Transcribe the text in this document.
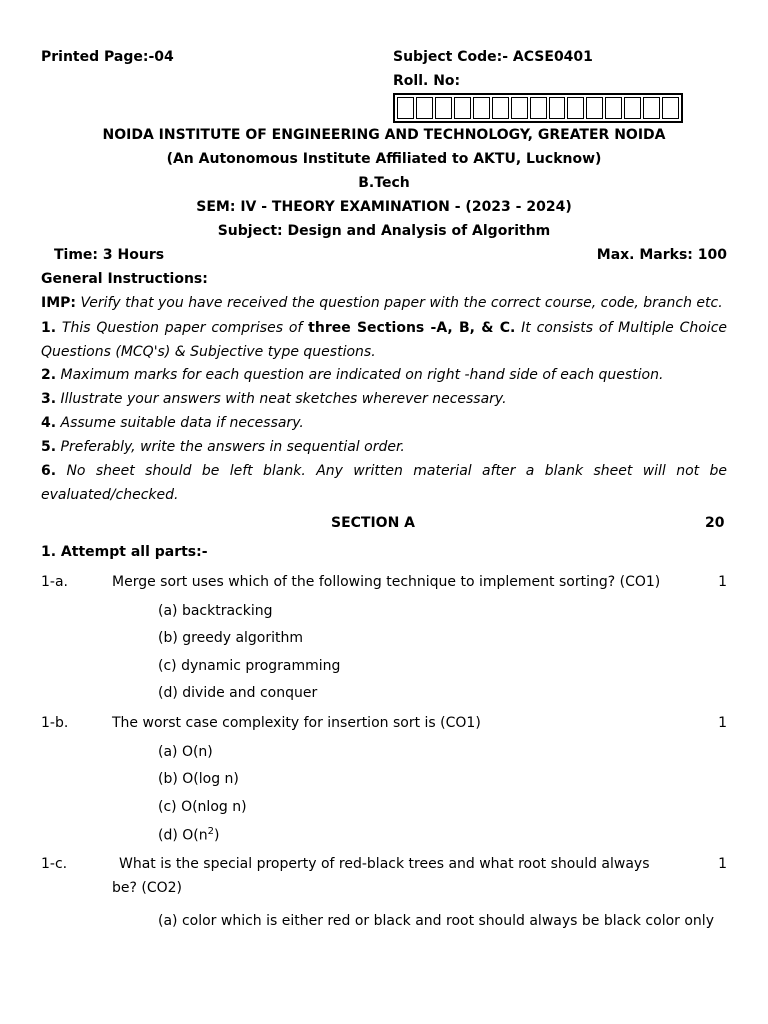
Printed Page:-04	Subject Code:- ACSE0401
Roll. No:
NOIDA INSTITUTE OF ENGINEERING AND TECHNOLOGY, GREATER NOIDA
(An Autonomous Institute Affiliated to AKTU, Lucknow)
B.Tech
SEM: IV - THEORY EXAMINATION - (2023 - 2024)
Subject: Design and Analysis of Algorithm
Time: 3 Hours	Max. Marks: 100
General Instructions:
IMP: Verify that you have received the question paper with the correct course, code, branch etc.
1. This Question paper comprises of three Sections -A, B, & C. It consists of Multiple Choice Questions (MCQ's) & Subjective type questions.
2. Maximum marks for each question are indicated on right -hand side of each question.
3. Illustrate your answers with neat sketches wherever necessary.
4. Assume suitable data if necessary.
5. Preferably, write the answers in sequential order.
6. No sheet should be left blank. Any written material after a blank sheet will not be evaluated/checked.
SECTION A	20
1. Attempt all parts:-
1-a.	Merge sort uses which of the following technique to implement sorting? (CO1)	1
(a) backtracking
(b) greedy algorithm
(c) dynamic programming
(d) divide and conquer
1-b.	The worst case complexity for insertion sort is (CO1)	1
(a) O(n)
(b) O(log n)
(c) O(nlog n)
(d) $O(n^2)$
1-c.	What is the special property of red-black trees and what root should always	1
be? (CO2)
(a) color which is either red or black and root should always be black color only
